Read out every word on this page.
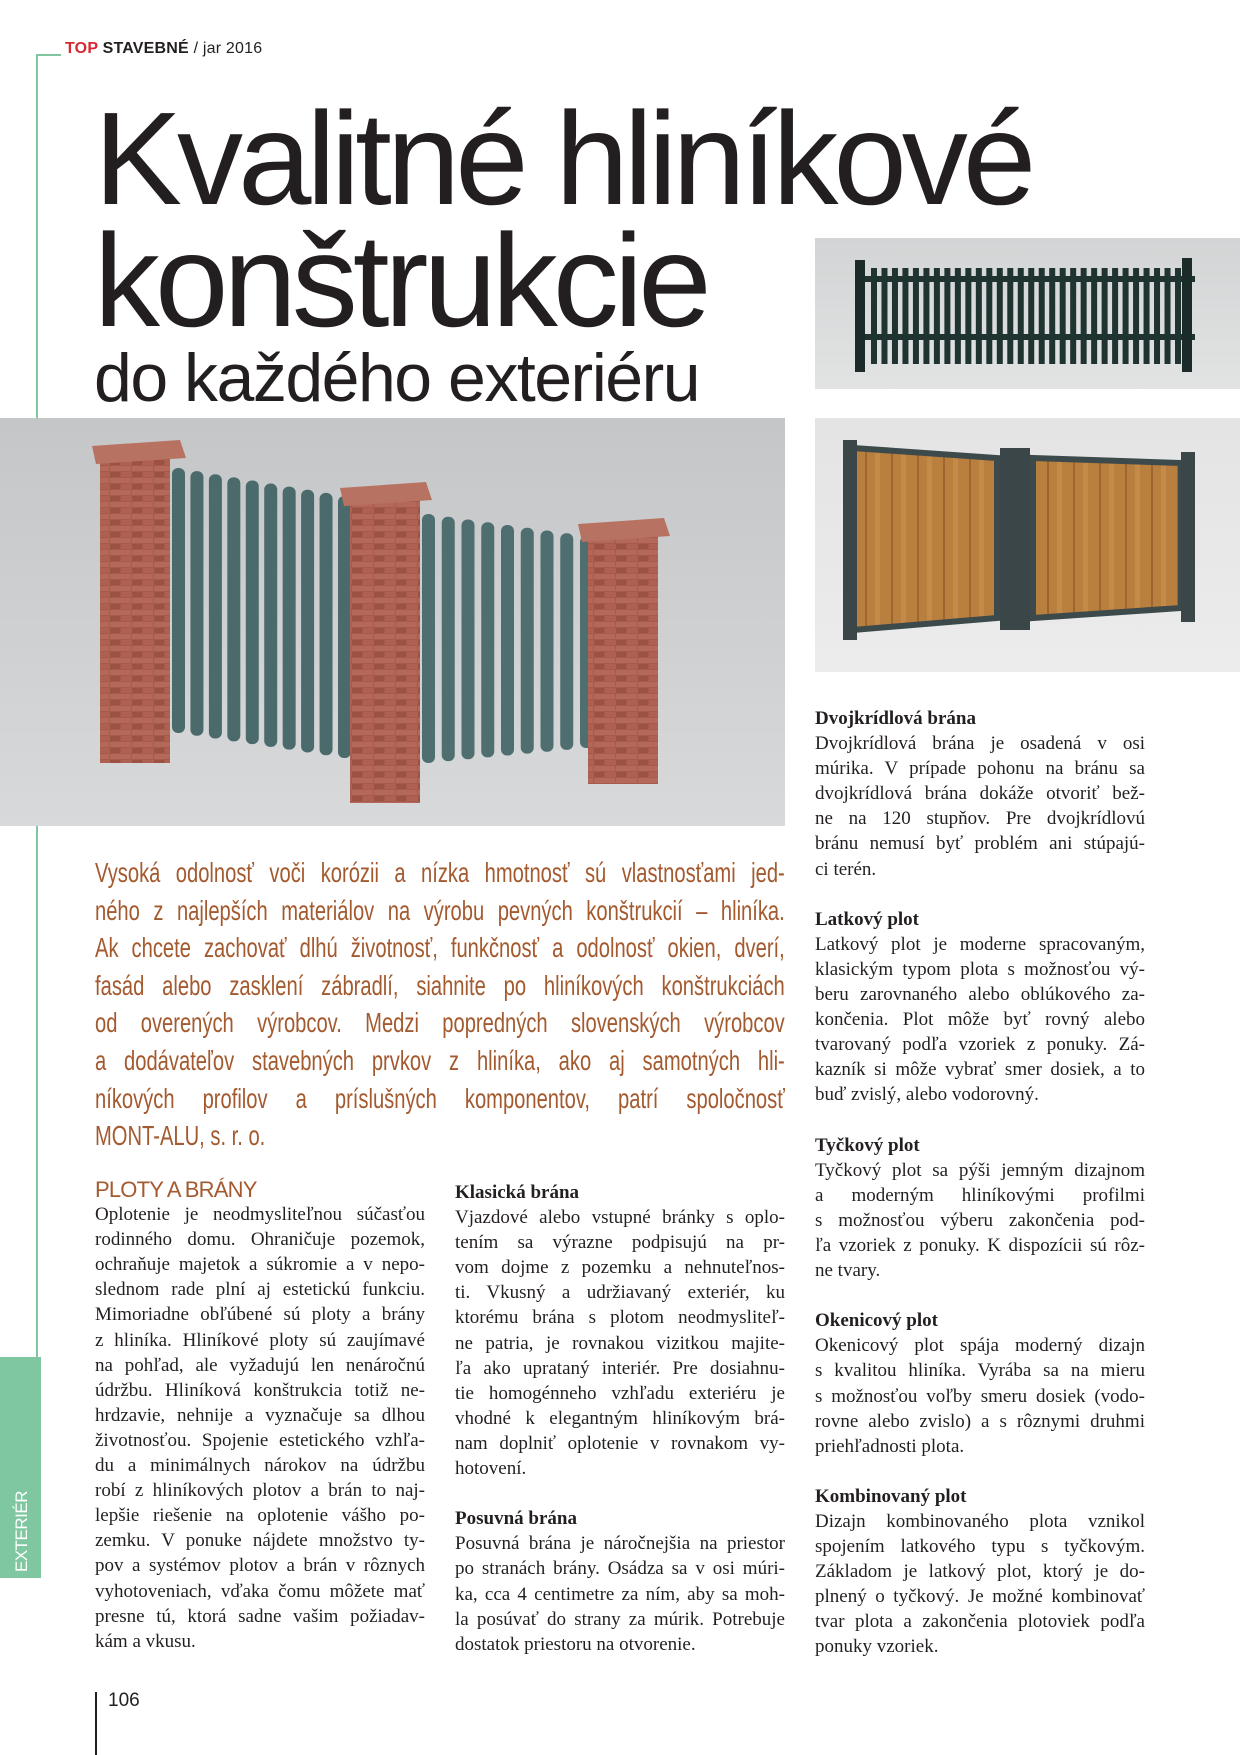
TOP STAVEBNÉ / jar 2016
Kvalitné hliníkové
konštrukcie
do každého exteriéru
Vysoká odolnosť voči korózii a nízka hmotnosť sú vlastnosťami jed-
ného z najlepších materiálov na výrobu pevných konštrukcií – hliníka.
Ak chcete zachovať dlhú životnosť, funkčnosť a odolnosť okien, dverí,
fasád alebo zasklení zábradlí, siahnite po hliníkových konštrukciách
od overených výrobcov. Medzi popredných slovenských výrobcov
a dodávateľov stavebných prvkov z hliníka, ako aj samotných hli-
níkových profilov a príslušných komponentov, patrí spoločnosť
MONT-ALU, s. r. o.
PLOTY A BRÁNY
Oplotenie je neodmysliteľnou súčasťou
rodinného domu. Ohraničuje pozemok,
ochraňuje majetok a súkromie a v nepo-
slednom rade plní aj estetickú funkciu.
Mimoriadne obľúbené sú ploty a brány
z hliníka. Hliníkové ploty sú zaujímavé
na pohľad, ale vyžadujú len nenáročnú
údržbu. Hliníková konštrukcia totiž ne-
hrdzavie, nehnije a vyznačuje sa dlhou
životnosťou. Spojenie estetického vzhľa-
du a minimálnych nárokov na údržbu
robí z hliníkových plotov a brán to naj-
lepšie riešenie na oplotenie vášho po-
zemku. V ponuke nájdete množstvo ty-
pov a systémov plotov a brán v rôznych
vyhotoveniach, vďaka čomu môžete mať
presne tú, ktorá sadne vašim požiadav-
kám a vkusu.
Klasická brána
Vjazdové alebo vstupné bránky s oplo-
tením sa výrazne podpisujú na pr-
vom dojme z pozemku a nehnuteľnos-
ti. Vkusný a udržiavaný exteriér, ku
ktorému brána s plotom neodmysliteľ-
ne patria, je rovnakou vizitkou majite-
ľa ako uprataný interiér. Pre dosiahnu-
tie homogénneho vzhľadu exteriéru je
vhodné k elegantným hliníkovým brá-
nam doplniť oplotenie v rovnakom vy-
hotovení.
Posuvná brána
Posuvná brána je náročnejšia na priestor
po stranách brány. Osádza sa v osi múri-
ka, cca 4 centimetre za ním, aby sa moh-
la posúvať do strany za múrik. Potrebuje
dostatok priestoru na otvorenie.
Dvojkrídlová brána
Dvojkrídlová brána je osadená v osi
múrika. V prípade pohonu na bránu sa
dvojkrídlová brána dokáže otvoriť bež-
ne na 120 stupňov. Pre dvojkrídlovú
bránu nemusí byť problém ani stúpajú-
ci terén.
Latkový plot
Latkový plot je moderne spracovaným,
klasickým typom plota s možnosťou vý-
beru zarovnaného alebo oblúkového za-
končenia. Plot môže byť rovný alebo
tvarovaný podľa vzoriek z ponuky. Zá-
kazník si môže vybrať smer dosiek, a to
buď zvislý, alebo vodorovný.
Tyčkový plot
Tyčkový plot sa pýši jemným dizajnom
a moderným hliníkovými profilmi
s možnosťou výberu zakončenia pod-
ľa vzoriek z ponuky. K dispozícii sú rôz-
ne tvary.
Okenicový plot
Okenicový plot spája moderný dizajn
s kvalitou hliníka. Vyrába sa na mieru
s možnosťou voľby smeru dosiek (vodo-
rovne alebo zvislo) a s rôznymi druhmi
priehľadnosti plota.
Kombinovaný plot
Dizajn kombinovaného plota vznikol
spojením latkového typu s tyčkovým.
Základom je latkový plot, ktorý je do-
plnený o tyčkový. Je možné kombinovať
tvar plota a zakončenia plotoviek podľa
ponuky vzoriek.
EXTERIÉR
106
